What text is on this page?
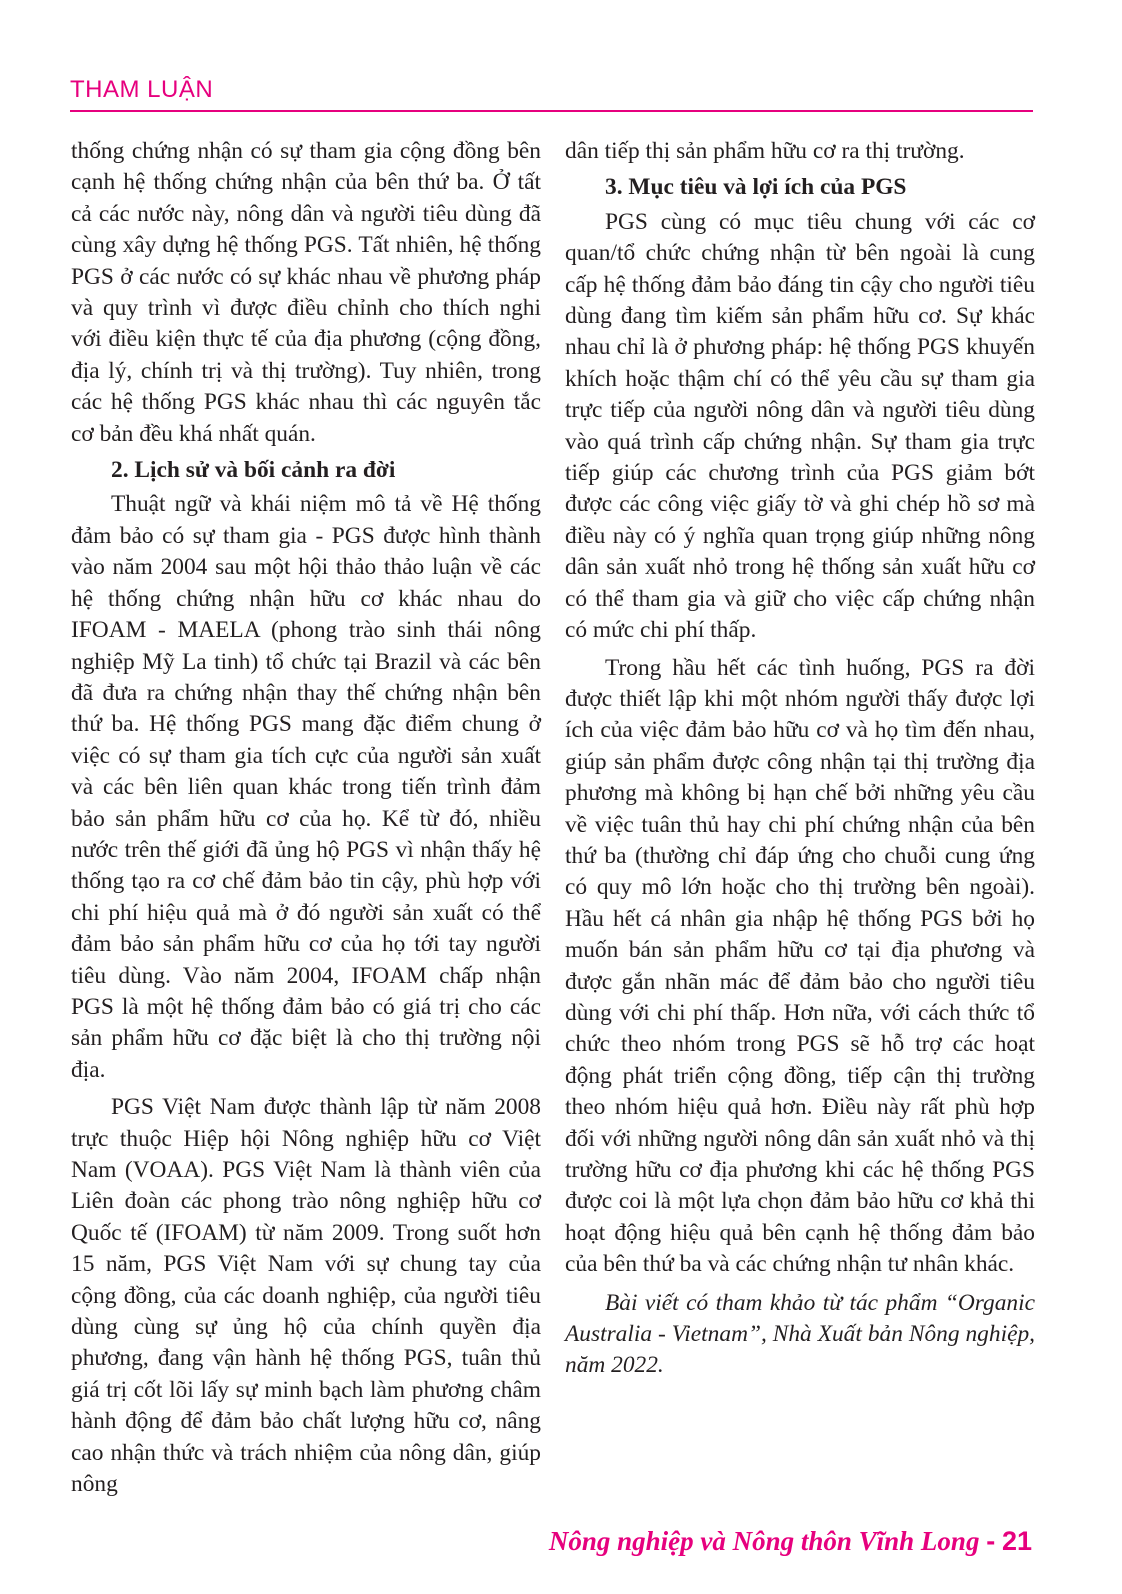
THAM LUẬN

thống chứng nhận có sự tham gia cộng đồng bên cạnh hệ thống chứng nhận của bên thứ ba. Ở tất cả các nước này, nông dân và người tiêu dùng đã cùng xây dựng hệ thống PGS. Tất nhiên, hệ thống PGS ở các nước có sự khác nhau về phương pháp và quy trình vì được điều chỉnh cho thích nghi với điều kiện thực tế của địa phương (cộng đồng, địa lý, chính trị và thị trường). Tuy nhiên, trong các hệ thống PGS khác nhau thì các nguyên tắc cơ bản đều khá nhất quán.

2. Lịch sử và bối cảnh ra đời

Thuật ngữ và khái niệm mô tả về Hệ thống đảm bảo có sự tham gia - PGS được hình thành vào năm 2004 sau một hội thảo thảo luận về các hệ thống chứng nhận hữu cơ khác nhau do IFOAM - MAELA (phong trào sinh thái nông nghiệp Mỹ La tinh) tổ chức tại Brazil và các bên đã đưa ra chứng nhận thay thế chứng nhận bên thứ ba. Hệ thống PGS mang đặc điểm chung ở việc có sự tham gia tích cực của người sản xuất và các bên liên quan khác trong tiến trình đảm bảo sản phẩm hữu cơ của họ. Kể từ đó, nhiều nước trên thế giới đã ủng hộ PGS vì nhận thấy hệ thống tạo ra cơ chế đảm bảo tin cậy, phù hợp với chi phí hiệu quả mà ở đó người sản xuất có thể đảm bảo sản phẩm hữu cơ của họ tới tay người tiêu dùng. Vào năm 2004, IFOAM chấp nhận PGS là một hệ thống đảm bảo có giá trị cho các sản phẩm hữu cơ đặc biệt là cho thị trường nội địa.

PGS Việt Nam được thành lập từ năm 2008 trực thuộc Hiệp hội Nông nghiệp hữu cơ Việt Nam (VOAA). PGS Việt Nam là thành viên của Liên đoàn các phong trào nông nghiệp hữu cơ Quốc tế (IFOAM) từ năm 2009. Trong suốt hơn 15 năm, PGS Việt Nam với sự chung tay của cộng đồng, của các doanh nghiệp, của người tiêu dùng cùng sự ủng hộ của chính quyền địa phương, đang vận hành hệ thống PGS, tuân thủ giá trị cốt lõi lấy sự minh bạch làm phương châm hành động để đảm bảo chất lượng hữu cơ, nâng cao nhận thức và trách nhiệm của nông dân, giúp nông

dân tiếp thị sản phẩm hữu cơ ra thị trường.

3. Mục tiêu và lợi ích của PGS

PGS cùng có mục tiêu chung với các cơ quan/tổ chức chứng nhận từ bên ngoài là cung cấp hệ thống đảm bảo đáng tin cậy cho người tiêu dùng đang tìm kiếm sản phẩm hữu cơ. Sự khác nhau chỉ là ở phương pháp: hệ thống PGS khuyến khích hoặc thậm chí có thể yêu cầu sự tham gia trực tiếp của người nông dân và người tiêu dùng vào quá trình cấp chứng nhận. Sự tham gia trực tiếp giúp các chương trình của PGS giảm bớt được các công việc giấy tờ và ghi chép hồ sơ mà điều này có ý nghĩa quan trọng giúp những nông dân sản xuất nhỏ trong hệ thống sản xuất hữu cơ có thể tham gia và giữ cho việc cấp chứng nhận có mức chi phí thấp.

Trong hầu hết các tình huống, PGS ra đời được thiết lập khi một nhóm người thấy được lợi ích của việc đảm bảo hữu cơ và họ tìm đến nhau, giúp sản phẩm được công nhận tại thị trường địa phương mà không bị hạn chế bởi những yêu cầu về việc tuân thủ hay chi phí chứng nhận của bên thứ ba (thường chỉ đáp ứng cho chuỗi cung ứng có quy mô lớn hoặc cho thị trường bên ngoài). Hầu hết cá nhân gia nhập hệ thống PGS bởi họ muốn bán sản phẩm hữu cơ tại địa phương và được gắn nhãn mác để đảm bảo cho người tiêu dùng với chi phí thấp. Hơn nữa, với cách thức tổ chức theo nhóm trong PGS sẽ hỗ trợ các hoạt động phát triển cộng đồng, tiếp cận thị trường theo nhóm hiệu quả hơn. Điều này rất phù hợp đối với những người nông dân sản xuất nhỏ và thị trường hữu cơ địa phương khi các hệ thống PGS được coi là một lựa chọn đảm bảo hữu cơ khả thi hoạt động hiệu quả bên cạnh hệ thống đảm bảo của bên thứ ba và các chứng nhận tư nhân khác.

Bài viết có tham khảo từ tác phẩm “Organic Australia - Vietnam”, Nhà Xuất bản Nông nghiệp, năm 2022.

Nông nghiệp và Nông thôn Vĩnh Long - 21
